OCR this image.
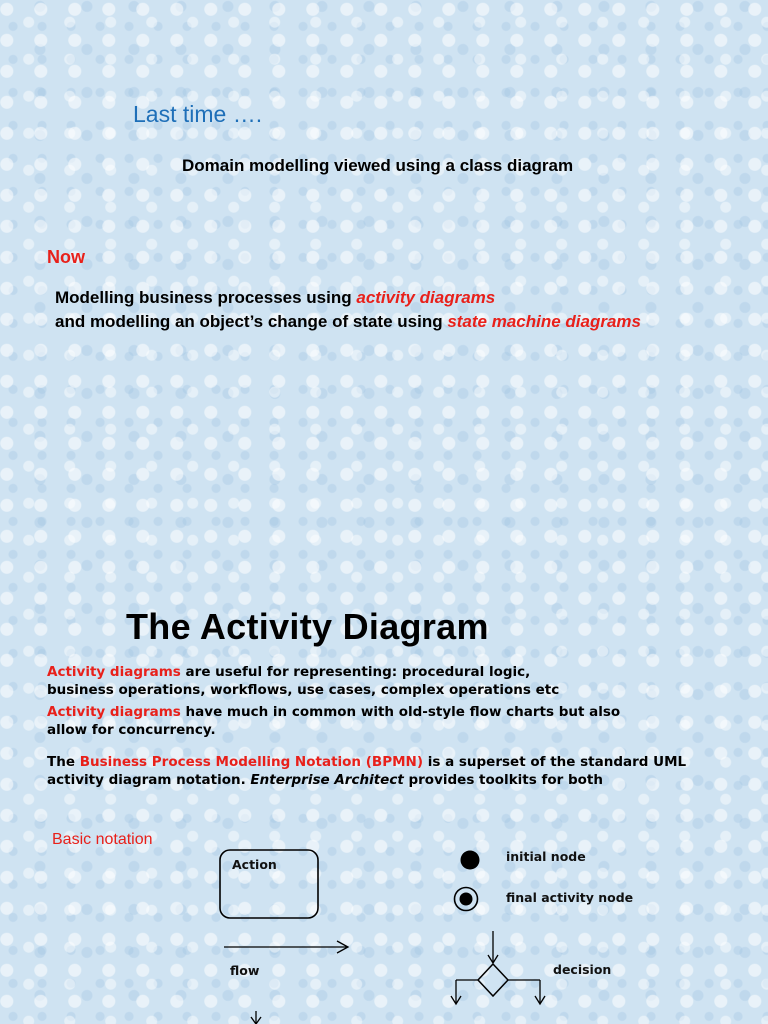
Last time ….
Domain modelling viewed using a class diagram
Now
Modelling business processes using activity diagrams
and modelling an object’s change of state using state machine diagrams
The Activity Diagram
Activity diagrams are useful for representing: procedural logic, business operations, workflows, use cases, complex operations etc
Activity diagrams have much in common with old-style flow charts but also allow for concurrency.
The Business Process Modelling Notation (BPMN) is a superset of the standard UML activity diagram notation. Enterprise Architect provides toolkits for both
Basic notation
Action
flow
initial node
final activity node
decision
